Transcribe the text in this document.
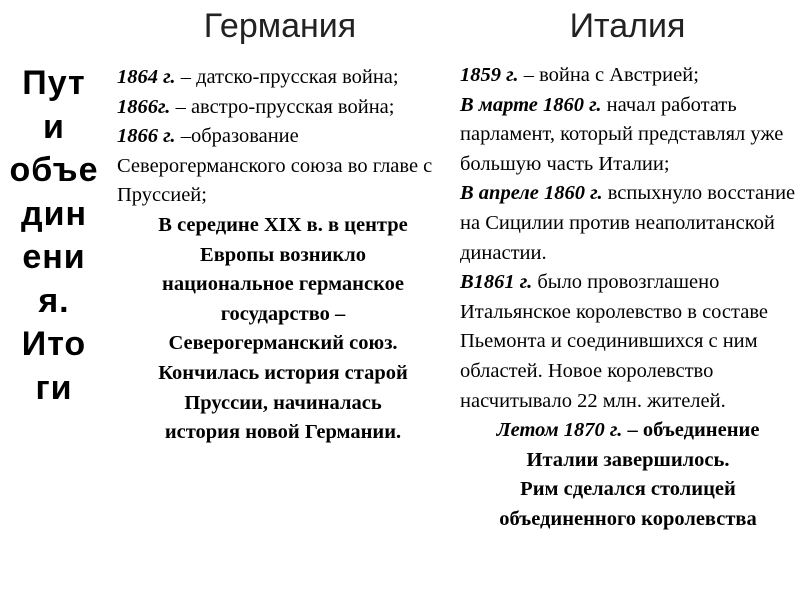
Германия	Италия
Пут
и
объе
дин
ени
я.
Ито
ги

1864 г. – датско-прусская война;

1866г. – австро-прусская война;

1866 г. –образование Северогерманского союза во главе с Пруссией;

В середине XIX в. в центре
Европы возникло
национальное германское
государство –
Северогерманский союз.
Кончилась история старой
Пруссии, начиналась
история новой Германии.

1859 г. – война с Австрией;

В марте 1860 г. начал работать парламент, который представлял уже большую часть Италии;

В апреле 1860 г. вспыхнуло восстание на Сицилии против неаполитанской династии.

В1861 г. было провозглашено Итальянское королевство в составе Пьемонта и соединившихся с ним областей. Новое королевство насчитывало 22 млн. жителей.

Летом 1870 г. – объединение
Италии завершилось.
Рим сделался столицей
объединенного королевства
